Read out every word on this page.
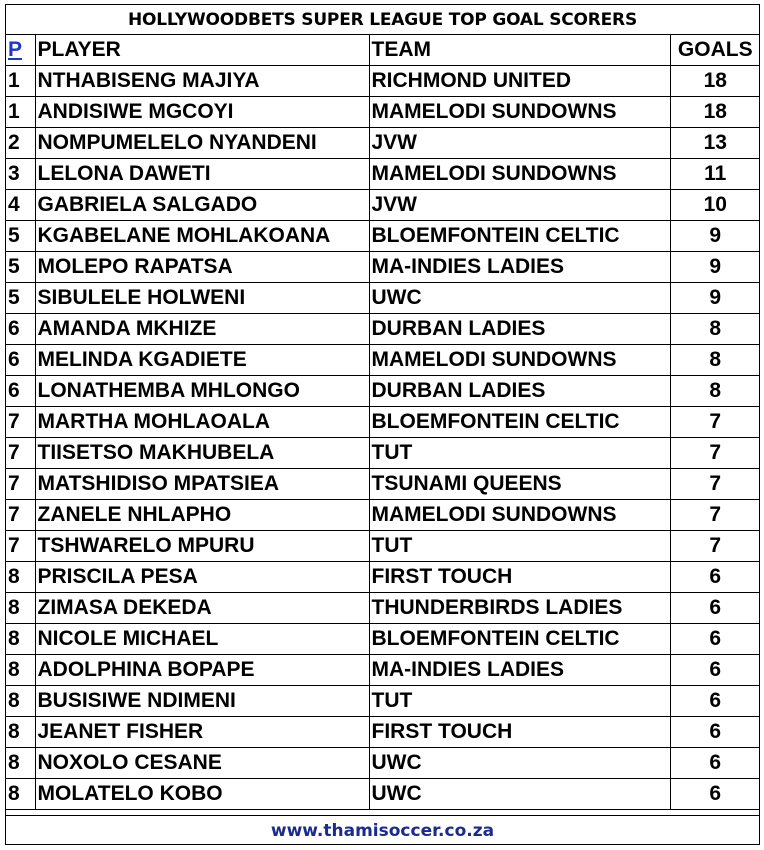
HOLLYWOODBETS SUPER LEAGUE TOP GOAL SCORERS
P	PLAYER	TEAM	GOALS
1	NTHABISENG MAJIYA	RICHMOND UNITED	18
1	ANDISIWE MGCOYI	MAMELODI SUNDOWNS	18
2	NOMPUMELELO NYANDENI	JVW	13
3	LELONA DAWETI	MAMELODI SUNDOWNS	11
4	GABRIELA SALGADO	JVW	10
5	KGABELANE MOHLAKOANA	BLOEMFONTEIN CELTIC	9
5	MOLEPO RAPATSA	MA-INDIES LADIES	9
5	SIBULELE HOLWENI	UWC	9
6	AMANDA MKHIZE	DURBAN LADIES	8
6	MELINDA KGADIETE	MAMELODI SUNDOWNS	8
6	LONATHEMBA MHLONGO	DURBAN LADIES	8
7	MARTHA MOHLAOALA	BLOEMFONTEIN CELTIC	7
7	TIISETSO MAKHUBELA	TUT	7
7	MATSHIDISO MPATSIEA	TSUNAMI QUEENS	7
7	ZANELE NHLAPHO	MAMELODI SUNDOWNS	7
7	TSHWARELO MPURU	TUT	7
8	PRISCILA PESA	FIRST TOUCH	6
8	ZIMASA DEKEDA	THUNDERBIRDS LADIES	6
8	NICOLE MICHAEL	BLOEMFONTEIN CELTIC	6
8	ADOLPHINA BOPAPE	MA-INDIES LADIES	6
8	BUSISIWE NDIMENI	TUT	6
8	JEANET FISHER	FIRST TOUCH	6
8	NOXOLO CESANE	UWC	6
8	MOLATELO KOBO	UWC	6
www.thamisoccer.co.za
